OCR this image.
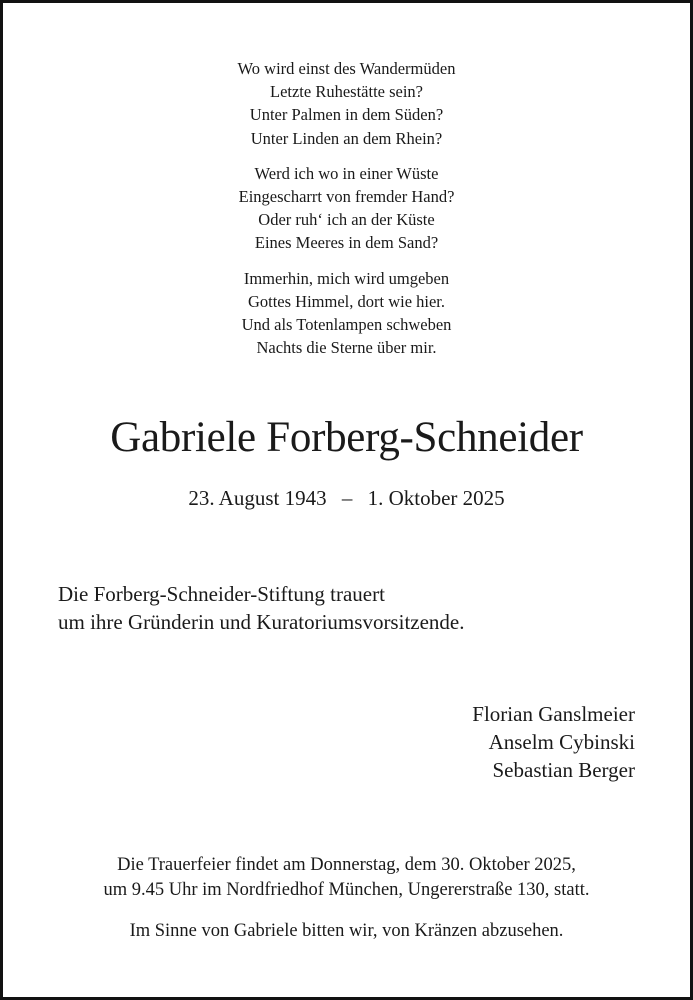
Wo wird einst des Wandermüden
Letzte Ruhestätte sein?
Unter Palmen in dem Süden?
Unter Linden an dem Rhein?
Werd ich wo in einer Wüste
Eingescharrt von fremder Hand?
Oder ruh‘ ich an der Küste
Eines Meeres in dem Sand?
Immerhin, mich wird umgeben
Gottes Himmel, dort wie hier.
Und als Totenlampen schweben
Nachts die Sterne über mir.
Gabriele Forberg-Schneider
23. August 1943 – 1. Oktober 2025
Die Forberg-Schneider-Stiftung trauert
um ihre Gründerin und Kuratoriumsvorsitzende.
Florian Ganslmeier
Anselm Cybinski
Sebastian Berger
Die Trauerfeier findet am Donnerstag, dem 30. Oktober 2025,
um 9.45 Uhr im Nordfriedhof München, Ungererstraße 130, statt.
Im Sinne von Gabriele bitten wir, von Kränzen abzusehen.
